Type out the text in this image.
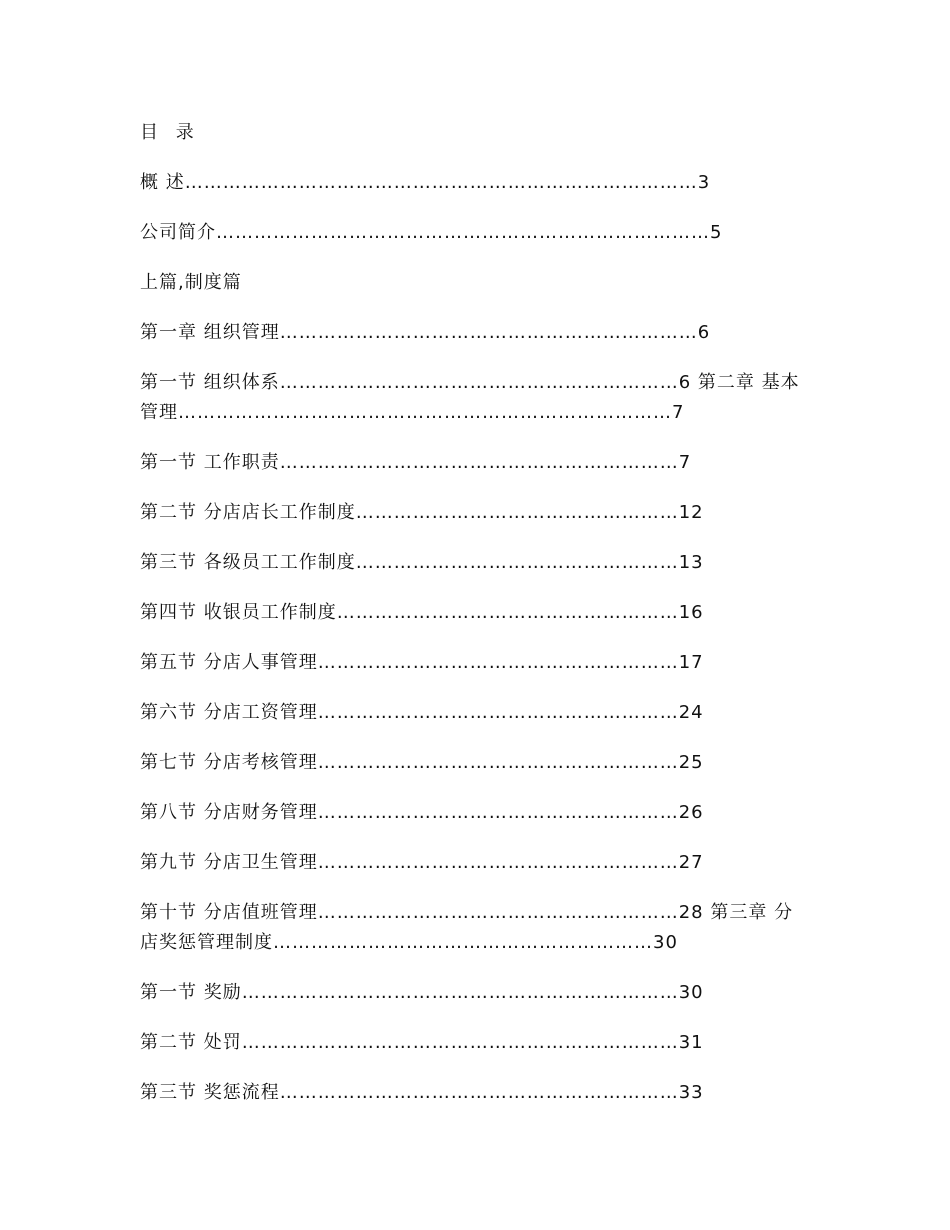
目 录
概 述………………………………………………………………………3
公司简介……………………………………………………………………5
上篇,制度篇
第一章 组织管理…………………………………………………………6
第一节 组织体系………………………………………………………6 第二章 基本管理……………………………………………………………………7
第一节 工作职责………………………………………………………7
第二节 分店店长工作制度……………………………………………12
第三节 各级员工工作制度……………………………………………13
第四节 收银员工作制度………………………………………………16
第五节 分店人事管理…………………………………………………17
第六节 分店工资管理…………………………………………………24
第七节 分店考核管理…………………………………………………25
第八节 分店财务管理…………………………………………………26
第九节 分店卫生管理…………………………………………………27
第十节 分店值班管理…………………………………………………28 第三章 分店奖惩管理制度……………………………………………………30
第一节 奖励……………………………………………………………30
第二节 处罚……………………………………………………………31
第三节 奖惩流程………………………………………………………33
